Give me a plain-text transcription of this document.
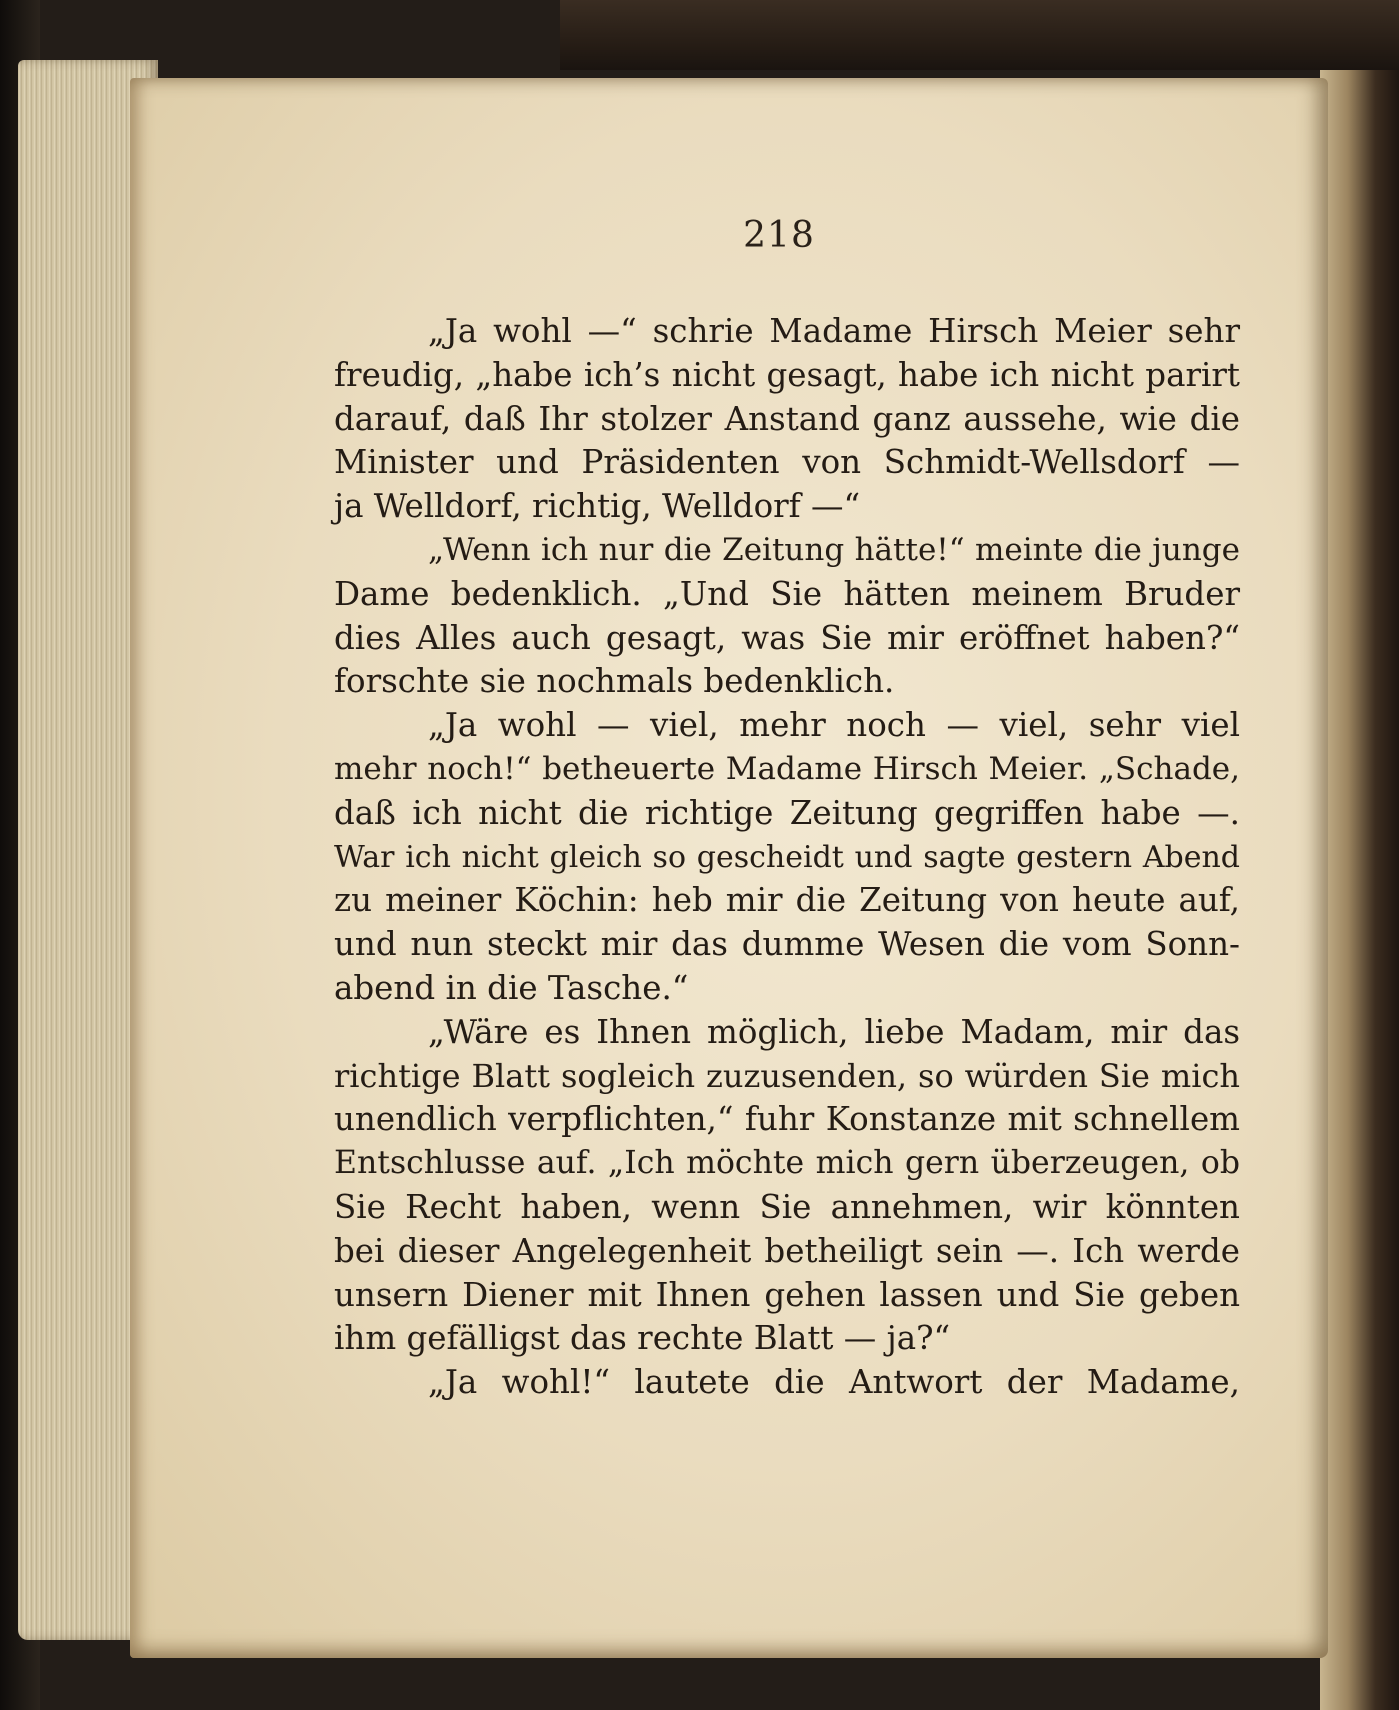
218
„Ja wohl —“ schrie Madame Hirsch Meier sehr
freudig, „habe ich’s nicht gesagt, habe ich nicht parirt
darauf, daß Ihr stolzer Anstand ganz aussehe, wie die
Minister und Präsidenten von Schmidt-Wellsdorf —
ja Welldorf, richtig, Welldorf —“
„Wenn ich nur die Zeitung hätte!“ meinte die junge
Dame bedenklich. „Und Sie hätten meinem Bruder
dies Alles auch gesagt, was Sie mir eröffnet haben?“
forschte sie nochmals bedenklich.
„Ja wohl — viel, mehr noch — viel, sehr viel
mehr noch!“ betheuerte Madame Hirsch Meier. „Schade,
daß ich nicht die richtige Zeitung gegriffen habe —.
War ich nicht gleich so gescheidt und sagte gestern Abend
zu meiner Köchin: heb mir die Zeitung von heute auf,
und nun steckt mir das dumme Wesen die vom Sonn-
abend in die Tasche.“
„Wäre es Ihnen möglich, liebe Madam, mir das
richtige Blatt sogleich zuzusenden, so würden Sie mich
unendlich verpflichten,“ fuhr Konstanze mit schnellem
Entschlusse auf. „Ich möchte mich gern überzeugen, ob
Sie Recht haben, wenn Sie annehmen, wir könnten
bei dieser Angelegenheit betheiligt sein —. Ich werde
unsern Diener mit Ihnen gehen lassen und Sie geben
ihm gefälligst das rechte Blatt — ja?“
„Ja wohl!“ lautete die Antwort der Madame,
